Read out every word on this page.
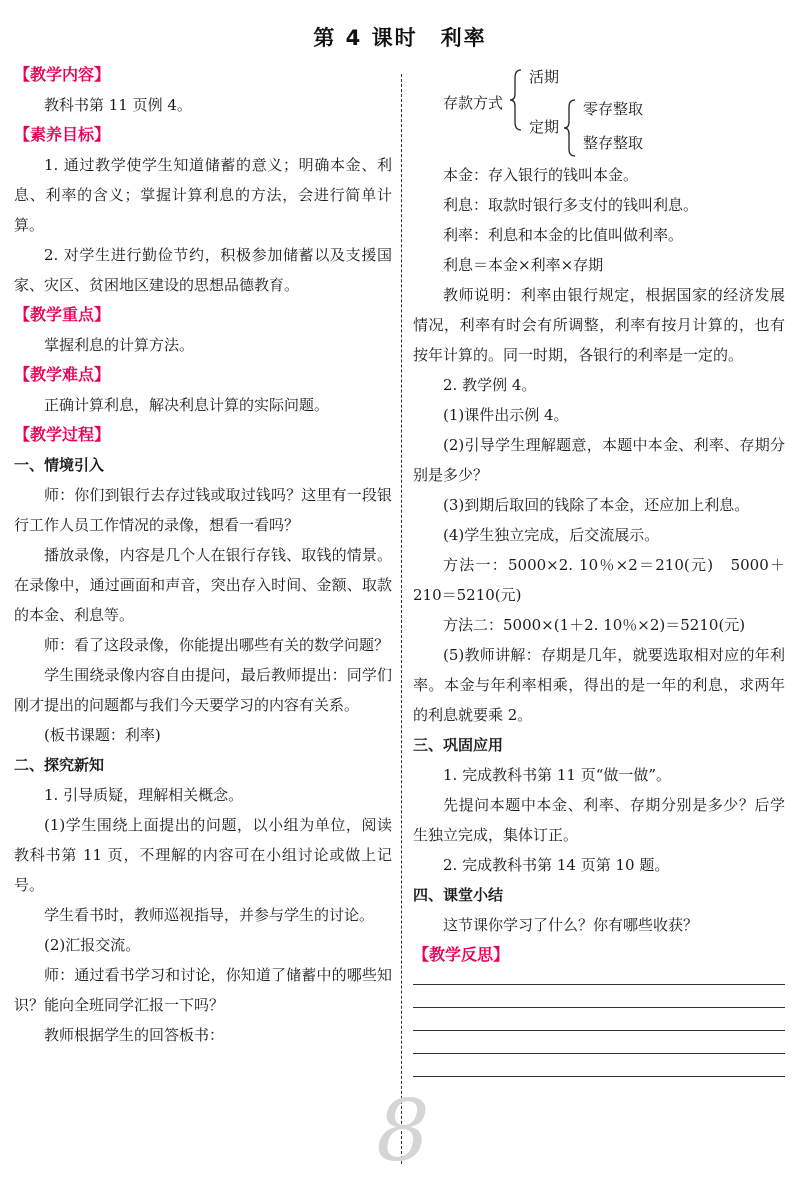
第 4 课时　利率
【教学内容】

教科书第 11 页例 4。

【素养目标】

1. 通过教学使学生知道储蓄的意义；明确本金、利息、利率的含义；掌握计算利息的方法，会进行简单计算。

2. 对学生进行勤俭节约，积极参加储蓄以及支援国家、灾区、贫困地区建设的思想品德教育。

【教学重点】

掌握利息的计算方法。

【教学难点】

正确计算利息，解决利息计算的实际问题。

【教学过程】
一、情境引入

师：你们到银行去存过钱或取过钱吗？这里有一段银行工作人员工作情况的录像，想看一看吗？

播放录像，内容是几个人在银行存钱、取钱的情景。在录像中，通过画面和声音，突出存入时间、金额、取款的本金、利息等。

师：看了这段录像，你能提出哪些有关的数学问题？

学生围绕录像内容自由提问，最后教师提出：同学们刚才提出的问题都与我们今天要学习的内容有关系。

(板书课题：利率)

二、探究新知

1. 引导质疑，理解相关概念。

(1)学生围绕上面提出的问题，以小组为单位，阅读教科书第 11 页，不理解的内容可在小组讨论或做上记号。

学生看书时，教师巡视指导，并参与学生的讨论。

(2)汇报交流。

师：通过看书学习和讨论，你知道了储蓄中的哪些知识？能向全班同学汇报一下吗？

教师根据学生的回答板书：

存款方式
活期
定期
零存整取
整存整取

本金：存入银行的钱叫本金。

利息：取款时银行多支付的钱叫利息。

利率：利息和本金的比值叫做利率。

利息＝本金×利率×存期

教师说明：利率由银行规定，根据国家的经济发展情况，利率有时会有所调整，利率有按月计算的，也有按年计算的。同一时期，各银行的利率是一定的。

2. 教学例 4。

(1)课件出示例 4。

(2)引导学生理解题意，本题中本金、利率、存期分别是多少？

(3)到期后取回的钱除了本金，还应加上利息。

(4)学生独立完成，后交流展示。

方法一：5000×2. 10％×2＝210(元)　5000＋210＝5210(元)

方法二：5000×(1＋2. 10％×2)＝5210(元)

(5)教师讲解：存期是几年，就要选取相对应的年利率。本金与年利率相乘，得出的是一年的利息，求两年的利息就要乘 2。

三、巩固应用

1. 完成教科书第 11 页“做一做”。

先提问本题中本金、利率、存期分别是多少？后学生独立完成，集体订正。

2. 完成教科书第 14 页第 10 题。

四、课堂小结

这节课你学习了什么？你有哪些收获？

【教学反思】
8
